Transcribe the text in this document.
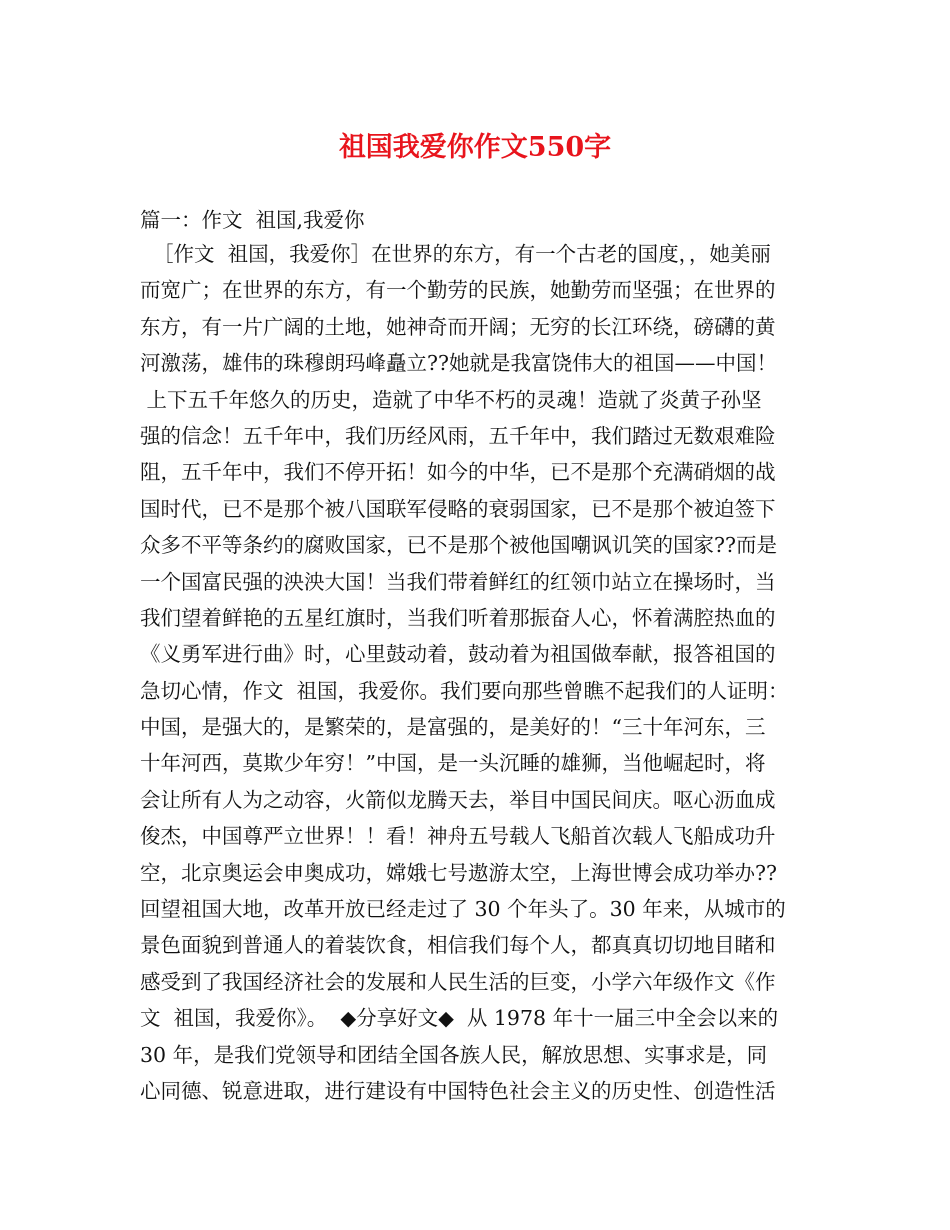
祖国我爱你作文550字
篇一：作文  祖国,我爱你
［作文  祖国，我爱你］在世界的东方，有一个古老的国度，，她美丽
而宽广；在世界的东方，有一个勤劳的民族，她勤劳而坚强；在世界的
东方，有一片广阔的土地，她神奇而开阔；无穷的长江环绕，磅礴的黄
河激荡，雄伟的珠穆朗玛峰矗立??她就是我富饶伟大的祖国——中国！
上下五千年悠久的历史，造就了中华不朽的灵魂！造就了炎黄子孙坚
强的信念！五千年中，我们历经风雨，五千年中，我们踏过无数艰难险
阻，五千年中，我们不停开拓！如今的中华，已不是那个充满硝烟的战
国时代，已不是那个被八国联军侵略的衰弱国家，已不是那个被迫签下
众多不平等条约的腐败国家，已不是那个被他国嘲讽讥笑的国家??而是
一个国富民强的泱泱大国！当我们带着鲜红的红领巾站立在操场时，当
我们望着鲜艳的五星红旗时，当我们听着那振奋人心，怀着满腔热血的
《义勇军进行曲》时，心里鼓动着，鼓动着为祖国做奉献，报答祖国的
急切心情，作文  祖国，我爱你。我们要向那些曾瞧不起我们的人证明：
中国，是强大的，是繁荣的，是富强的，是美好的！“三十年河东，三
十年河西，莫欺少年穷！”中国，是一头沉睡的雄狮，当他崛起时，将
会让所有人为之动容，火箭似龙腾天去，举目中国民间庆。呕心沥血成
俊杰，中国尊严立世界！！看！神舟五号载人飞船首次载人飞船成功升
空，北京奥运会申奥成功，嫦娥七号遨游太空，上海世博会成功举办??
回望祖国大地，改革开放已经走过了 30 个年头了。30 年来，从城市的
景色面貌到普通人的着装饮食，相信我们每个人，都真真切切地目睹和
感受到了我国经济社会的发展和人民生活的巨变，小学六年级作文《作
文  祖国，我爱你》。  ◆分享好文◆  从 1978 年十一届三中全会以来的
30 年，是我们党领导和团结全国各族人民，解放思想、实事求是，同
心同德、锐意进取，进行建设有中国特色社会主义的历史性、创造性活
